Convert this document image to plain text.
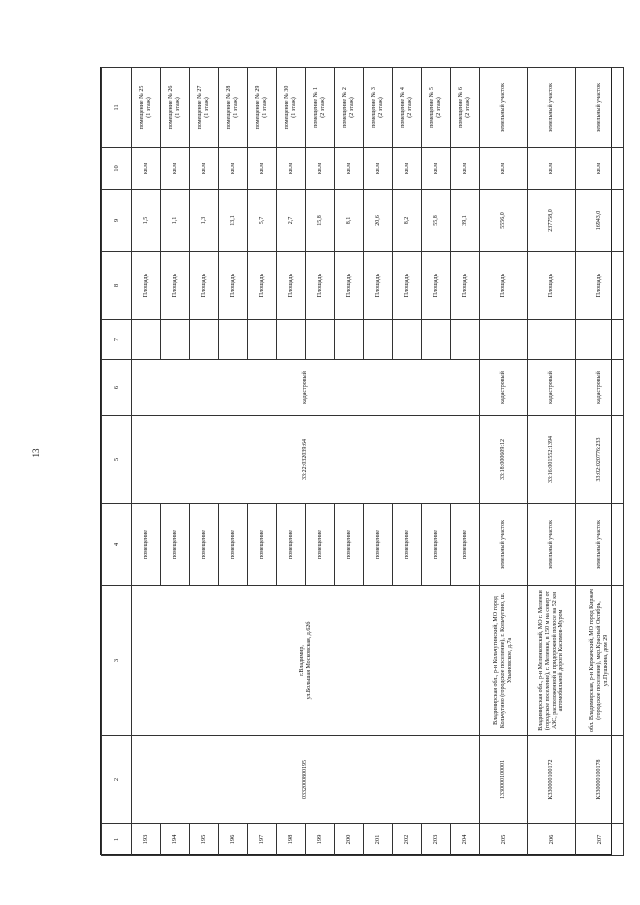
13
1	2	3	4	5	6	7	8	9	10	11
193	0332000800195	г.Владимир,
ул.Большая Московская, д.62б	помещение	33:22:032039:64	кадастровый		Площадь	1,5	кв.м	помещение № 25
(1 этаж)
194			помещение				Площадь	1,1	кв.м	помещение № 26
(1 этаж)
195			помещение				Площадь	1,3	кв.м	помещение № 27
(1 этаж)
196			помещение				Площадь	13,1	кв.м	помещение № 28
(1 этаж)
197			помещение				Площадь	5,7	кв.м	помещение № 29
(1 этаж)
198			помещение				Площадь	2,7	кв.м	помещение № 30
(1 этаж)
199			помещение				Площадь	15,8	кв.м	помещение № 1
(2 этаж)
200			помещение				Площадь	8,1	кв.м	помещение № 2
(2 этаж)
201			помещение				Площадь	20,6	кв.м	помещение № 3
(2 этаж)
202			помещение				Площадь	8,2	кв.м	помещение № 4
(2 этаж)
203			помещение				Площадь	55,8	кв.м	помещение № 5
(2 этаж)
204			помещение				Площадь	39,1	кв.м	помещение № 6
(2 этаж)
205	1330000100001	Владимирская обл., р-н Кольчугинский, МО город Кольчугино (городское поселение), г. Кольчугино, ш. Ульяновское, д.7а	земельный участок	33:18:000609:12	кадастровый		Площадь	5556,0	кв.м	земельный участок
206	К330000100172	Владимирская обл., р-н Меленковский, МО г. Меленки (городское поселение), г. Меленки, в 150 м на север от АЗС, расположенной в придорожной полосе на 52 км автомобильной дороги Касимов-Муром	земельный участок	33:16:001552:1394	кадастровый		Площадь	237758,0	кв.м	земельный участок
207	К330000100178	обл. Владимирская, р-н Киржачский, МО город Киржач (городское поселение), мкр.Красный Октябрь, ул.Пушкина, дом 29	земельный участок	33:02:020776:233	кадастровый		Площадь	16943,0	кв.м	земельный участок
